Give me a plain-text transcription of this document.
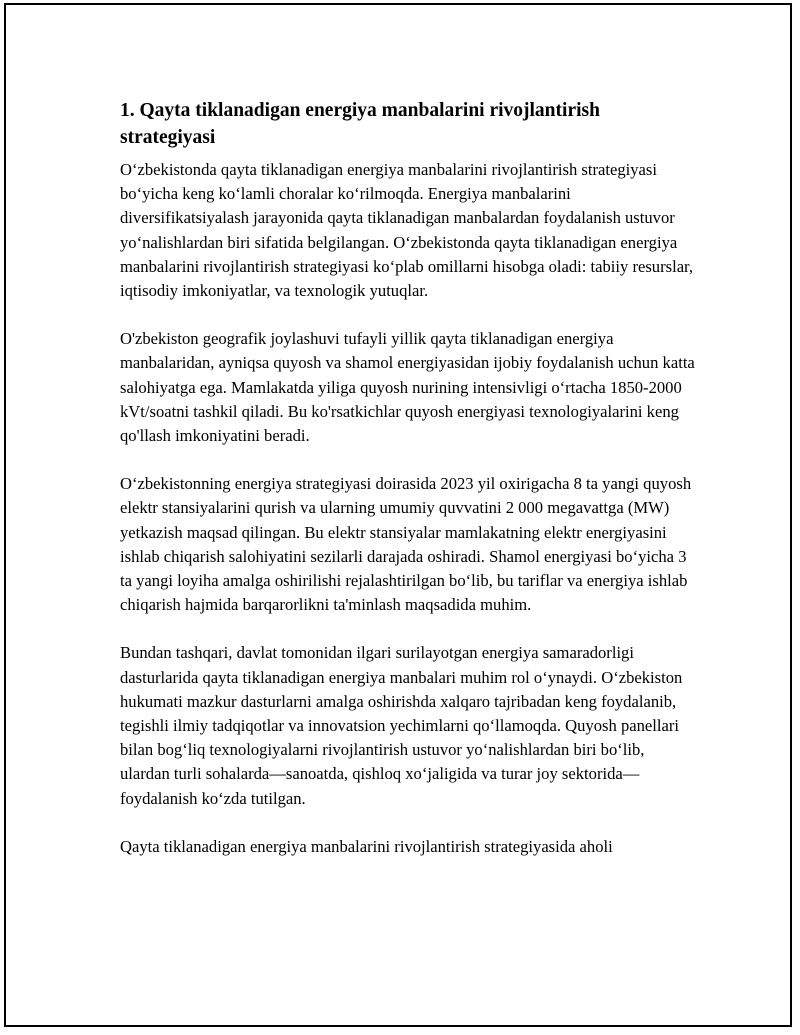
1. Qayta tiklanadigan energiya manbalarini rivojlantirish strategiyasi

O‘zbekistonda qayta tiklanadigan energiya manbalarini rivojlantirish strategiyasi bo‘yicha keng ko‘lamli choralar ko‘rilmoqda. Energiya manbalarini diversifikatsiyalash jarayonida qayta tiklanadigan manbalardan foydalanish ustuvor yo‘nalishlardan biri sifatida belgilangan. O‘zbekistonda qayta tiklanadigan energiya manbalarini rivojlantirish strategiyasi ko‘plab omillarni hisobga oladi: tabiiy resurslar, iqtisodiy imkoniyatlar, va texnologik yutuqlar.

O'zbekiston geografik joylashuvi tufayli yillik qayta tiklanadigan energiya manbalaridan, ayniqsa quyosh va shamol energiyasidan ijobiy foydalanish uchun katta salohiyatga ega. Mamlakatda yiliga quyosh nurining intensivligi o‘rtacha 1850-2000 kVt/soatni tashkil qiladi. Bu ko'rsatkichlar quyosh energiyasi texnologiyalarini keng qo'llash imkoniyatini beradi.

O‘zbekistonning energiya strategiyasi doirasida 2023 yil oxirigacha 8 ta yangi quyosh elektr stansiyalarini qurish va ularning umumiy quvvatini 2 000 megavattga (MW) yetkazish maqsad qilingan. Bu elektr stansiyalar mamlakatning elektr energiyasini ishlab chiqarish salohiyatini sezilarli darajada oshiradi. Shamol energiyasi bo‘yicha 3 ta yangi loyiha amalga oshirilishi rejalashtirilgan bo‘lib, bu tariflar va energiya ishlab chiqarish hajmida barqarorlikni ta'minlash maqsadida muhim.

Bundan tashqari, davlat tomonidan ilgari surilayotgan energiya samaradorligi dasturlarida qayta tiklanadigan energiya manbalari muhim rol o‘ynaydi. O‘zbekiston hukumati mazkur dasturlarni amalga oshirishda xalqaro tajribadan keng foydalanib, tegishli ilmiy tadqiqotlar va innovatsion yechimlarni qo‘llamoqda. Quyosh panellari bilan bog‘liq texnologiyalarni rivojlantirish ustuvor yo‘nalishlardan biri bo‘lib, ulardan turli sohalarda—sanoatda, qishloq xo‘jaligida va turar joy sektorida—foydalanish ko‘zda tutilgan.

Qayta tiklanadigan energiya manbalarini rivojlantirish strategiyasida aholi
